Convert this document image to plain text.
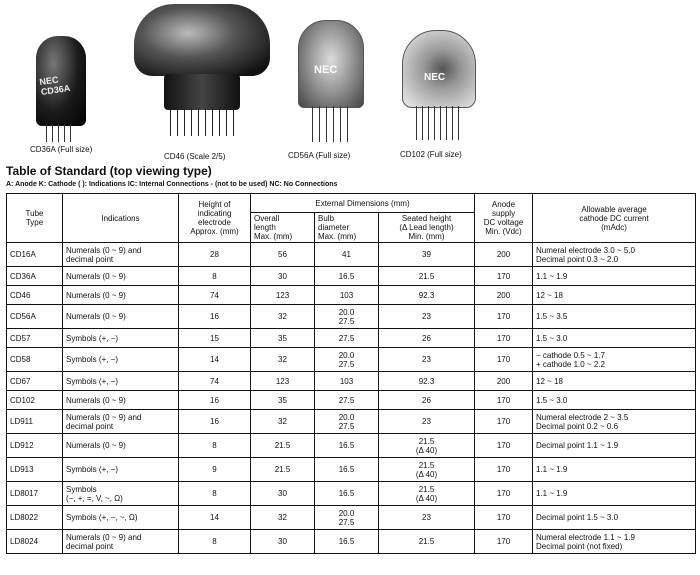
NEC CD36A
CD36A (Full size)
CD46 (Scale 2/5)
NEC
CD56A (Full size)
NEC
CD102 (Full size)
Table of Standard (top viewing type)
A: Anode K: Cathode ( ): Indications IC: Internal Connections - (not to be used) NC: No Connections
Tube
Type	Indications	Height of
indicating
electrode
Approx. (mm)	External Dimensions (mm)			Anode
supply
DC voltage
Min. (Vdc)	Allowable average
cathode DC current
(mAdc)
			Overall
length
Max. (mm)	Bulb
diameter
Max. (mm)	Seated height
(Δ Lead length)
Min. (mm)		
CD16A	Numerals (0 ~ 9) and
decimal point	28	56	41	39	200	Numeral electrode 3.0 ~ 5.0
Decimal point 0.3 ~ 2.0
CD36A	Numerals (0 ~ 9)	8	30	16.5	21.5	170	1.1 ~ 1.9
CD46	Numerals (0 ~ 9)	74	123	103	92.3	200	12 ~ 18
CD56A	Numerals (0 ~ 9)	16	32	20.0
27.5	23	170	1.5 ~ 3.5
CD57	Symbols (+, −)	15	35	27.5	26	170	1.5 ~ 3.0
CD58	Symbols (+, −)	14	32	20.0
27.5	23	170	− cathode 0.5 ~ 1.7
+ cathode 1.0 ~ 2.2
CD67	Symbols (+, −)	74	123	103	92.3	200	12 ~ 18
CD102	Numerals (0 ~ 9)	16	35	27.5	26	170	1.5 ~ 3.0
LD911	Numerals (0 ~ 9) and
decimal point	16	32	20.0
27.5	23	170	Numeral electrode 2 ~ 3.5
Decimal point 0.2 ~ 0.6
LD912	Numerals (0 ~ 9)	8	21.5	16.5	21.5
(Δ 40)	170	Decimal point 1.1 ~ 1.9
LD913	Symbols (+, −)	9	21.5	16.5	21.5
(Δ 40)	170	1.1 ~ 1.9
LD8017	Symbols
(−, +, =, V, ~, Ω)	8	30	16.5	21.5
(Δ 40)	170	1.1 ~ 1.9
LD8022	Symbols (+, −, ~, Ω)	14	32	20.0
27.5	23	170	Decimal point 1.5 ~ 3.0
LD8024	Numerals (0 ~ 9) and
decimal point	8	30	16.5	21.5	170	Numeral electrode 1.1 ~ 1.9
Decimal point (not fixed)
